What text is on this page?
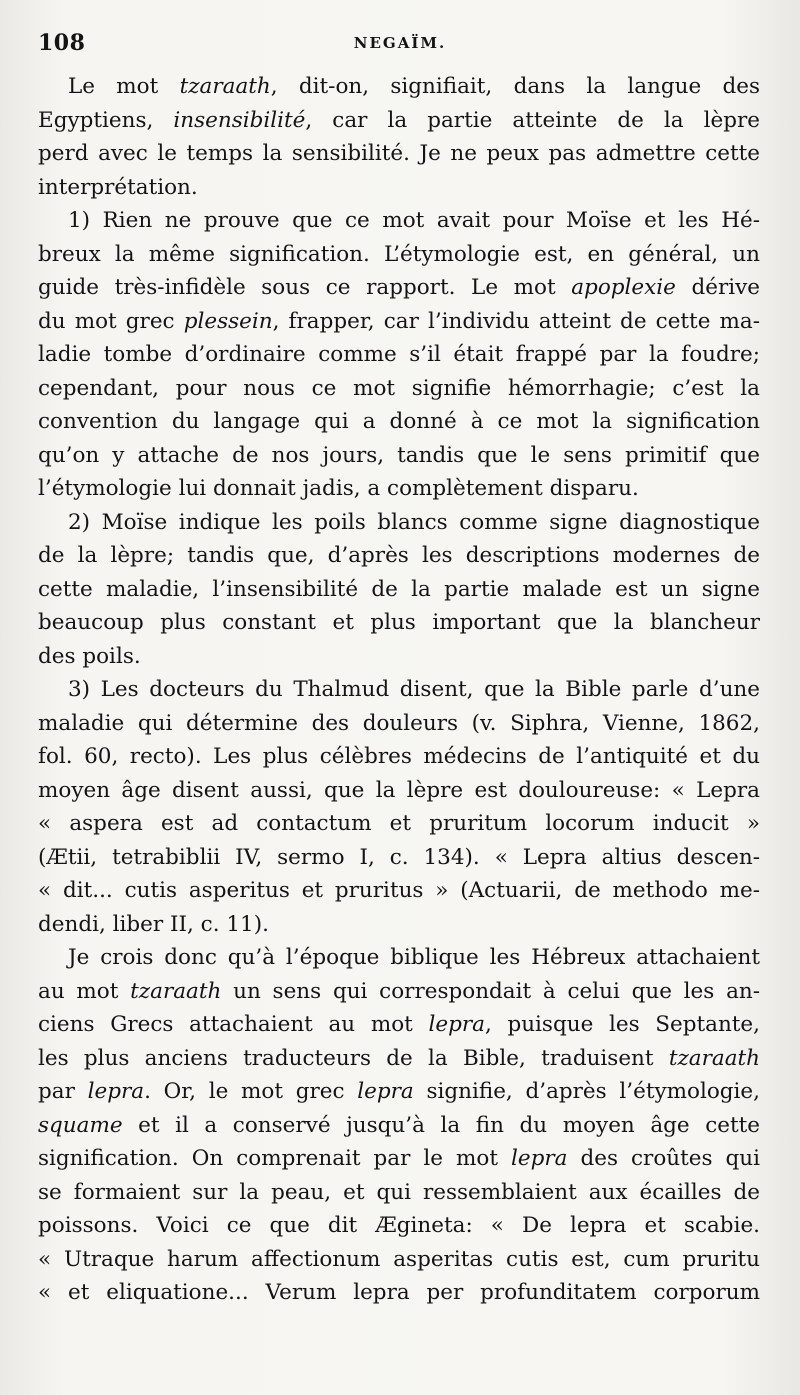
108	NEGAÏM.
Le mot tzaraath, dit-on, signifiait, dans la langue des
Egyptiens, insensibilité, car la partie atteinte de la lèpre
perd avec le temps la sensibilité. Je ne peux pas admettre cette
interprétation.
1) Rien ne prouve que ce mot avait pour Moïse et les Hé-
breux la même signification. L’étymologie est, en général, un
guide très-infidèle sous ce rapport. Le mot apoplexie dérive
du mot grec plessein, frapper, car l’individu atteint de cette ma-
ladie tombe d’ordinaire comme s’il était frappé par la foudre;
cependant, pour nous ce mot signifie hémorrhagie; c’est la
convention du langage qui a donné à ce mot la signification
qu’on y attache de nos jours, tandis que le sens primitif que
l’étymologie lui donnait jadis, a complètement disparu.
2) Moïse indique les poils blancs comme signe diagnostique
de la lèpre; tandis que, d’après les descriptions modernes de
cette maladie, l’insensibilité de la partie malade est un signe
beaucoup plus constant et plus important que la blancheur
des poils.
3) Les docteurs du Thalmud disent, que la Bible parle d’une
maladie qui détermine des douleurs (v. Siphra, Vienne, 1862,
fol. 60, recto). Les plus célèbres médecins de l’antiquité et du
moyen âge disent aussi, que la lèpre est douloureuse: « Lepra
« aspera est ad contactum et pruritum locorum inducit »
(Ætii, tetrabiblii IV, sermo I, c. 134). « Lepra altius descen-
« dit... cutis asperitus et pruritus » (Actuarii, de methodo me-
dendi, liber II, c. 11).
Je crois donc qu’à l’époque biblique les Hébreux attachaient
au mot tzaraath un sens qui correspondait à celui que les an-
ciens Grecs attachaient au mot lepra, puisque les Septante,
les plus anciens traducteurs de la Bible, traduisent tzaraath
par lepra. Or, le mot grec lepra signifie, d’après l’étymologie,
squame et il a conservé jusqu’à la fin du moyen âge cette
signification. On comprenait par le mot lepra des croûtes qui
se formaient sur la peau, et qui ressemblaient aux écailles de
poissons. Voici ce que dit Ægineta: « De lepra et scabie.
« Utraque harum affectionum asperitas cutis est, cum pruritu
« et eliquatione... Verum lepra per profunditatem corporum
